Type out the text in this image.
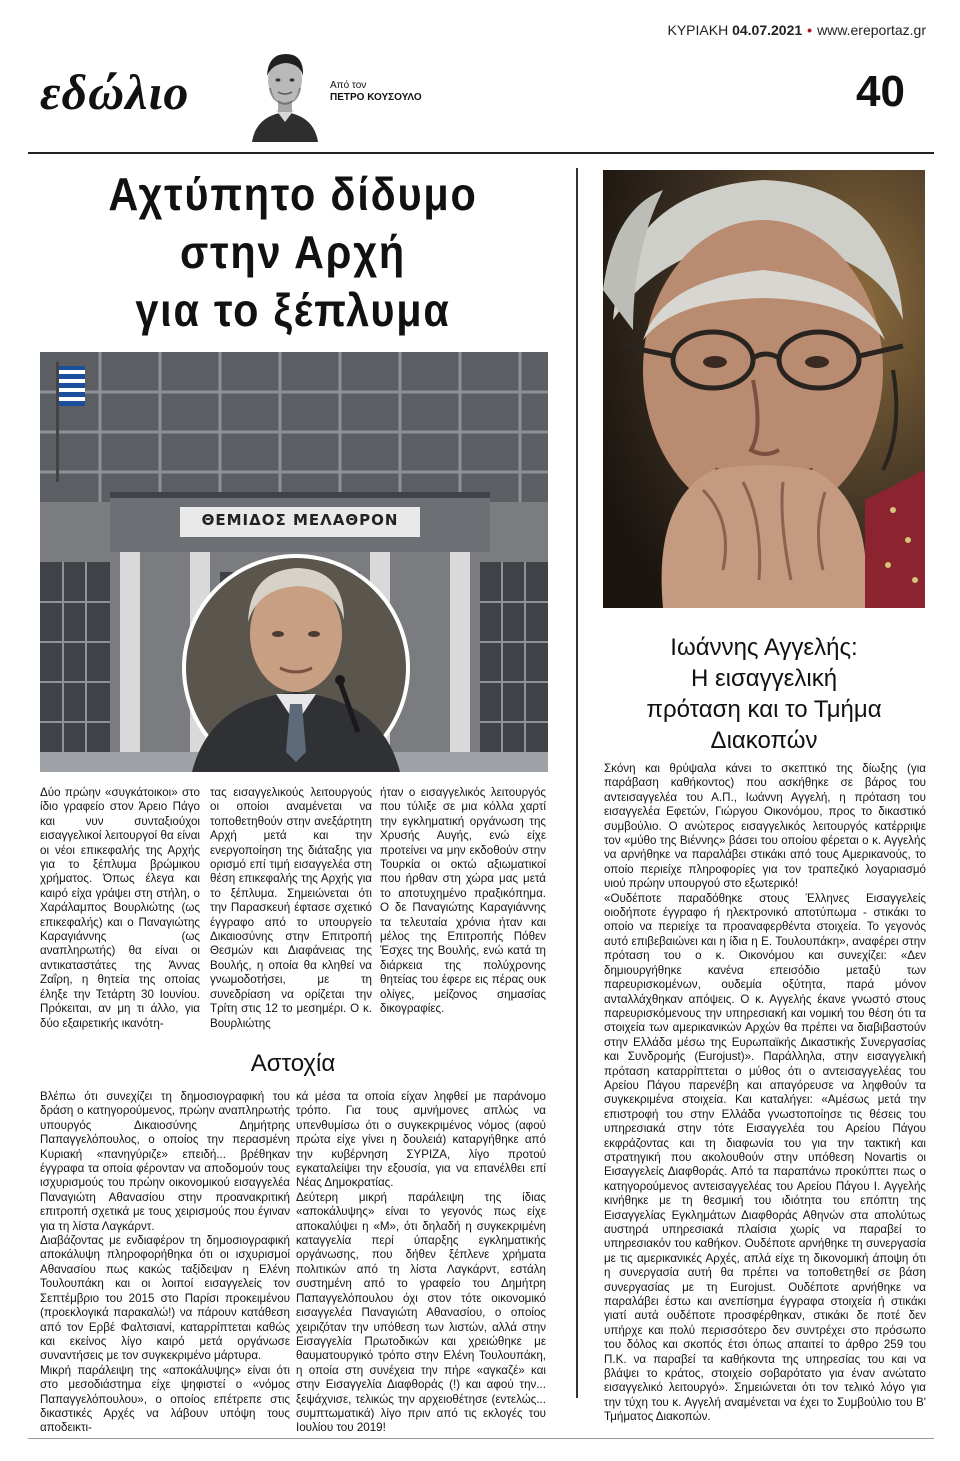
ΚΥΡΙΑΚΗ 04.07.2021 • www.ereportaz.gr
εδώλιο	Από τον
ΠΕΤΡΟ ΚΟΥΣΟΥΛΟ	40
Αχτύπητο δίδυμο
στην Αρχή
για το ξέπλυμα
ΘΕΜΙΔΟΣ ΜΕΛΑΘΡΟΝ
Ιωάννης Αγγελής:
Η εισαγγελική
πρόταση και το Τμήμα
Διακοπών
Δύο πρώην «συγκάτοικοι» στο ίδιο γραφείο στον Άρειο Πάγο και νυν συνταξιούχοι εισαγγελικοί λειτουργοί θα είναι οι νέοι επικεφαλής της Αρχής για το ξέπλυμα βρώμικου χρήματος. Όπως έλεγα και καιρό είχα γράψει στη στήλη, ο Χαράλαμπος Βουρλιώτης (ως επικεφαλής) και ο Παναγιώτης Καραγιάννης (ως αναπληρωτής) θα είναι οι αντικαταστάτες της Άννας Ζαΐρη, η θητεία της οποίας έληξε την Τετάρτη 30 Ιουνίου. Πρόκειται, αν μη τι άλλο, για δύο εξαιρετικής ικανότη-
τας εισαγγελικούς λειτουργούς οι οποίοι αναμένεται να τοποθετηθούν στην ανεξάρτητη Αρχή μετά και την ενεργοποίηση της διάταξης για ορισμό επί τιμή εισαγγελέα στη θέση επικεφαλής της Αρχής για το ξέπλυμα. Σημειώνεται ότι την Παρασκευή έφτασε σχετικό έγγραφο από το υπουργείο Δικαιοσύνης στην Επιτροπή Θεσμών και Διαφάνειας της Βουλής, η οποία θα κληθεί να γνωμοδοτήσει, με τη συνεδρίαση να ορίζεται την Τρίτη στις 12 το μεσημέρι. Ο κ. Βουρλιώτης
ήταν ο εισαγγελικός λειτουργός που τύλιξε σε μια κόλλα χαρτί την εγκληματική οργάνωση της Χρυσής Αυγής, ενώ είχε προτείνει να μην εκδοθούν στην Τουρκία οι οκτώ αξιωματικοί που ήρθαν στη χώρα μας μετά το αποτυχημένο πραξικόπημα. Ο δε Παναγιώτης Καραγιάννης τα τελευταία χρόνια ήταν και μέλος της Επιτροπής Πόθεν Έσχες της Βουλής, ενώ κατά τη διάρκεια της πολύχρονης θητείας του έφερε εις πέρας ουκ ολίγες, μείζονος σημασίας δικογραφίες.
Αστοχία
Βλέπω ότι συνεχίζει τη δημοσιογραφική του δράση ο κατηγορούμενος, πρώην αναπληρωτής υπουργός Δικαιοσύνης Δημήτρης Παπαγγελόπουλος, ο οποίος την περασμένη Κυριακή «πανηγύριζε» επειδή... βρέθηκαν έγγραφα τα οποία φέρονταν να αποδομούν τους ισχυρισμούς του πρώην οικονομικού εισαγγελέα Παναγιώτη Αθανασίου στην προανακριτική επιτροπή σχετικά με τους χειρισμούς που έγιναν για τη λίστα Λαγκάρντ.
Διαβάζοντας με ενδιαφέρον τη δημοσιογραφική αποκάλυψη πληροφορήθηκα ότι οι ισχυρισμοί Αθανασίου πως κακώς ταξίδεψαν η Ελένη Τουλουπάκη και οι λοιποί εισαγγελείς τον Σεπτέμβριο του 2015 στο Παρίσι προκειμένου (προεκλογικά παρακαλώ!) να πάρουν κατάθεση από τον Ερβέ Φαλτσιανί, καταρρίπτεται καθώς και εκείνος λίγο καιρό μετά οργάνωσε συναντήσεις με τον συγκεκριμένο μάρτυρα.
Μικρή παράλειψη της «αποκάλυψης» είναι ότι στο μεσοδιάστημα είχε ψηφιστεί ο «νόμος Παπαγγελόπουλου», ο οποίος επέτρεπε στις δικαστικές Αρχές να λάβουν υπόψη τους αποδεικτι-
κά μέσα τα οποία είχαν ληφθεί με παράνομο τρόπο. Για τους αμνήμονες απλώς να υπενθυμίσω ότι ο συγκεκριμένος νόμος (αφού πρώτα είχε γίνει η δουλειά) καταργήθηκε από την κυβέρνηση ΣΥΡΙΖΑ, λίγο προτού εγκαταλείψει την εξουσία, για να επανέλθει επί Νέας Δημοκρατίας.
Δεύτερη μικρή παράλειψη της ίδιας «αποκάλυψης» είναι το γεγονός πως είχε αποκαλύψει η «Μ», ότι δηλαδή η συγκεκριμένη καταγγελία περί ύπαρξης εγκληματικής οργάνωσης, που δήθεν ξέπλενε χρήματα πολιτικών από τη λίστα Λαγκάρντ, εστάλη συστημένη από το γραφείο του Δημήτρη Παπαγγελόπουλου όχι στον τότε οικονομικό εισαγγελέα Παναγιώτη Αθανασίου, ο οποίος χειριζόταν την υπόθεση των λιστών, αλλά στην Εισαγγελία Πρωτοδικών και χρειώθηκε με θαυματουργικό τρόπο στην Ελένη Τουλουπάκη, η οποία στη συνέχεια την πήρε «αγκαζέ» και στην Εισαγγελία Διαφθοράς (!) και αφού την... ξεψάχνισε, τελικώς την αρχειοθέτησε (εντελώς... συμπτωματικά) λίγο πριν από τις εκλογές του Ιουλίου του 2019!
Σκόνη και θρύψαλα κάνει το σκεπτικό της δίωξης (για παράβαση καθήκοντος) που ασκήθηκε σε βάρος του αντεισαγγελέα του Α.Π., Ιωάννη Αγγελή, η πρόταση του εισαγγελέα Εφετών, Γιώργου Οικονόμου, προς το δικαστικό συμβούλιο. Ο ανώτερος εισαγγελικός λειτουργός κατέρριψε τον «μύθο της Βιέννης» βάσει του οποίου φέρεται ο κ. Αγγελής να αρνήθηκε να παραλάβει στικάκι από τους Αμερικανούς, το οποίο περιείχε πληροφορίες για τον τραπεζικό λογαριασμό υιού πρώην υπουργού στο εξωτερικό!
«Ουδέποτε παραδόθηκε στους Έλληνες Εισαγγελείς οιοδήποτε έγγραφο ή ηλεκτρονικό αποτύπωμα - στικάκι το οποίο να περιείχε τα προαναφερθέντα στοιχεία. Το γεγονός αυτό επιβεβαιώνει και η ίδια η Ε. Τουλουπάκη», αναφέρει στην πρόταση του ο κ. Οικονόμου και συνεχίζει: «Δεν δημιουργήθηκε κανένα επεισόδιο μεταξύ των παρευρισκομένων, ουδεμία οξύτητα, παρά μόνον ανταλλάχθηκαν απόψεις. Ο κ. Αγγελής έκανε γνωστό στους παρευρισκόμενους την υπηρεσιακή και νομική του θέση ότι τα στοιχεία των αμερικανικών Αρχών θα πρέπει να διαβιβαστούν στην Ελλάδα μέσω της Ευρωπαϊκής Δικαστικής Συνεργασίας και Συνδρομής (Eurojust)». Παράλληλα, στην εισαγγελική πρόταση καταρρίπτεται ο μύθος ότι ο αντεισαγγελέας του Αρείου Πάγου παρενέβη και απαγόρευσε να ληφθούν τα συγκεκριμένα στοιχεία. Και καταλήγει: «Αμέσως μετά την επιστροφή του στην Ελλάδα γνωστοποίησε τις θέσεις του υπηρεσιακά στην τότε Εισαγγελέα του Αρείου Πάγου εκφράζοντας και τη διαφωνία του για την τακτική και στρατηγική που ακολουθούν στην υπόθεση Novartis οι Εισαγγελείς Διαφθοράς. Από τα παραπάνω προκύπτει πως ο κατηγορούμενος αντεισαγγελέας του Αρείου Πάγου Ι. Αγγελής κινήθηκε με τη θεσμική του ιδιότητα του επόπτη της Εισαγγελίας Εγκλημάτων Διαφθοράς Αθηνών στα απολύτως αυστηρά υπηρεσιακά πλαίσια χωρίς να παραβεί το υπηρεσιακόν του καθήκον. Ουδέποτε αρνήθηκε τη συνεργασία με τις αμερικανικές Αρχές, απλά είχε τη δικονομική άποψη ότι η συνεργασία αυτή θα πρέπει να τοποθετηθεί σε βάση συνεργασίας με τη Eurojust. Ουδέποτε αρνήθηκε να παραλάβει έστω και ανεπίσημα έγγραφα στοιχεία ή στικάκι γιατί αυτά ουδέποτε προσφέρθηκαν, στικάκι δε ποτέ δεν υπήρχε και πολύ περισσότερο δεν συντρέχει στο πρόσωπο του δόλος και σκοπός έτσι όπως απαιτεί το άρθρο 259 του Π.Κ. να παραβεί τα καθήκοντα της υπηρεσίας του και να βλάψει το κράτος, στοιχείο σοβαρότατο για έναν ανώτατο εισαγγελικό λειτουργό». Σημειώνεται ότι τον τελικό λόγο για την τύχη του κ. Αγγελή αναμένεται να έχει το Συμβούλιο του Β' Τμήματος Διακοπών.
